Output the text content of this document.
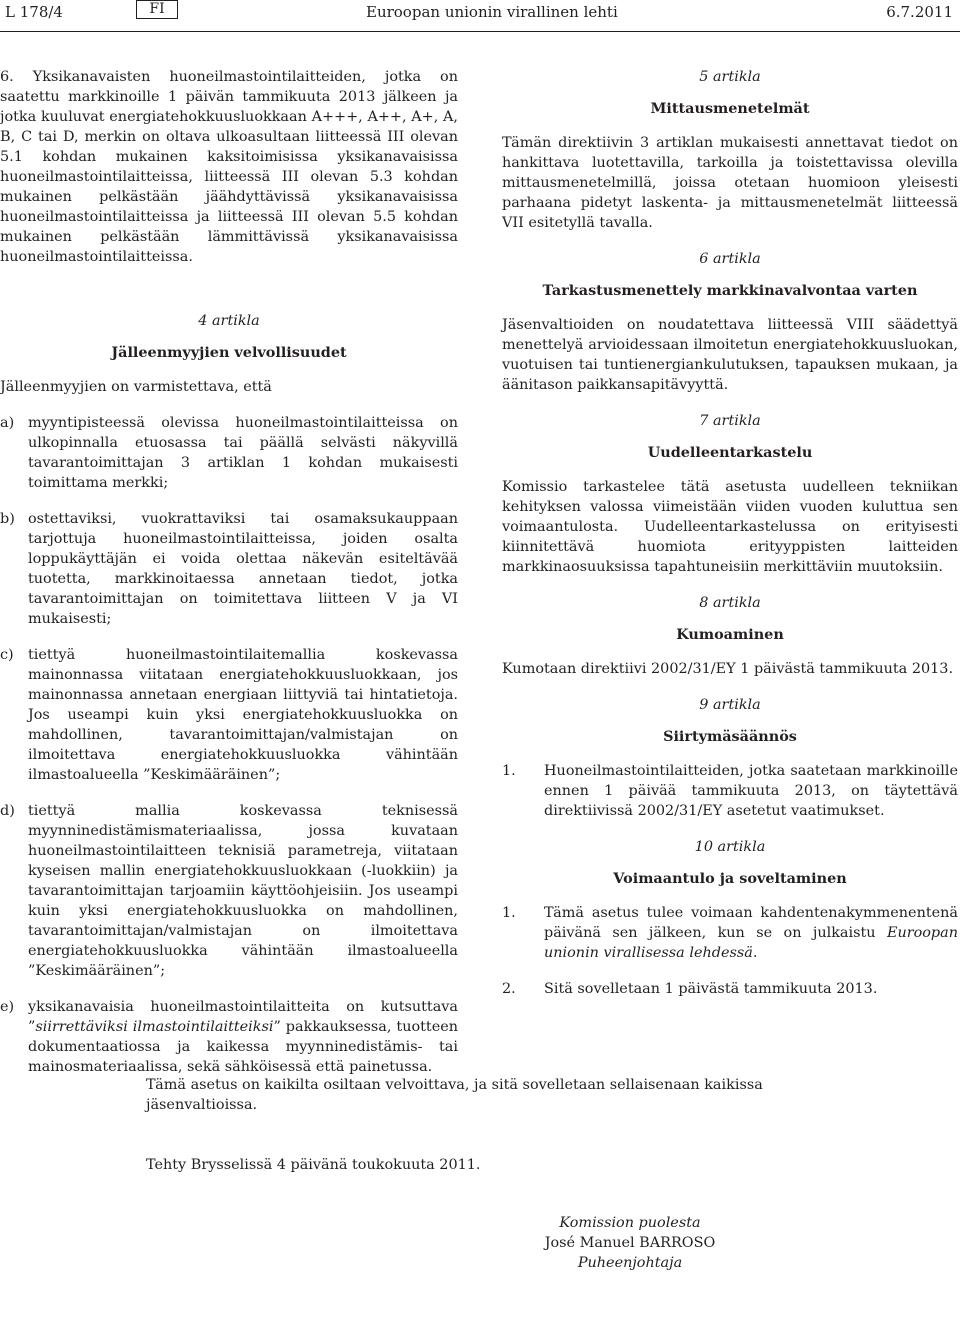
L 178/4	FI	Euroopan unionin virallinen lehti	6.7.2011

6. Yksikanavaisten huoneilmastointilaitteiden, jotka on saatettu markkinoille 1 päivän tammikuuta 2013 jälkeen ja jotka kuuluvat energiatehokkuusluokkaan A+++, A++, A+, A, B, C tai D, merkin on oltava ulkoasultaan liitteessä III olevan 5.1 kohdan mukainen kaksitoimisissa yksikanavaisissa huoneilmastointilaitteissa, liitteessä III olevan 5.3 kohdan mukainen pelkästään jäähdyttävissä yksikanavaisissa huoneilmastointilaitteissa ja liitteessä III olevan 5.5 kohdan mukainen pelkästään lämmittävissä yksikanavaisissa huoneilmastointilaitteissa.

4 artikla

Jälleenmyyjien velvollisuudet

Jälleenmyyjien on varmistettava, että

a) myyntipisteessä olevissa huoneilmastointilaitteissa on ulkopinnalla etuosassa tai päällä selvästi näkyvillä tavarantoimittajan 3 artiklan 1 kohdan mukaisesti toimittama merkki;
b) ostettaviksi, vuokrattaviksi tai osamaksukauppaan tarjottuja huoneilmastointilaitteissa, joiden osalta loppukäyttäjän ei voida olettaa näkevän esiteltävää tuotetta, markkinoitaessa annetaan tiedot, jotka tavarantoimittajan on toimitettava liitteen V ja VI mukaisesti;
c) tiettyä huoneilmastointilaitemallia koskevassa mainonnassa viitataan energiatehokkuusluokkaan, jos mainonnassa annetaan energiaan liittyviä tai hintatietoja. Jos useampi kuin yksi energiatehokkuusluokka on mahdollinen, tavarantoimittajan/valmistajan on ilmoitettava energiatehokkuusluokka vähintään ilmastoalueella ”Keskimääräinen”;
d) tiettyä mallia koskevassa teknisessä myynninedistämismateriaalissa, jossa kuvataan huoneilmastointilaitteen teknisiä parametreja, viitataan kyseisen mallin energiatehokkuusluokkaan (-luokkiin) ja tavarantoimittajan tarjoamiin käyttöohjeisiin. Jos useampi kuin yksi energiatehokkuusluokka on mahdollinen, tavarantoimittajan/valmistajan on ilmoitettava energiatehokkuusluokka vähintään ilmastoalueella ”Keskimääräinen”;
e) yksikanavaisia huoneilmastointilaitteita on kutsuttava ”siirrettäviksi ilmastointilaitteiksi” pakkauksessa, tuotteen dokumentaatiossa ja kaikessa myynninedistämis- tai mainosmateriaalissa, sekä sähköisessä että painetussa.

5 artikla

Mittausmenetelmät

Tämän direktiivin 3 artiklan mukaisesti annettavat tiedot on hankittava luotettavilla, tarkoilla ja toistettavissa olevilla mittausmenetelmillä, joissa otetaan huomioon yleisesti parhaana pidetyt laskenta- ja mittausmenetelmät liitteessä VII esitetyllä tavalla.

6 artikla

Tarkastusmenettely markkinavalvontaa varten

Jäsenvaltioiden on noudatettava liitteessä VIII säädettyä menettelyä arvioidessaan ilmoitetun energiatehokkuusluokan, vuotuisen tai tuntienergiankulutuksen, tapauksen mukaan, ja äänitason paikkansapitävyyttä.

7 artikla

Uudelleentarkastelu

Komissio tarkastelee tätä asetusta uudelleen tekniikan kehityksen valossa viimeistään viiden vuoden kuluttua sen voimaantulosta. Uudelleentarkastelussa on erityisesti kiinnitettävä huomiota erityyppisten laitteiden markkinaosuuksissa tapahtuneisiin merkittäviin muutoksiin.

8 artikla

Kumoaminen

Kumotaan direktiivi 2002/31/EY 1 päivästä tammikuuta 2013.

9 artikla

Siirtymäsäännös

1.	Huoneilmastointilaitteiden, jotka saatetaan markkinoille ennen 1 päivää tammikuuta 2013, on täytettävä direktiivissä 2002/31/EY asetetut vaatimukset.

10 artikla

Voimaantulo ja soveltaminen

1.	Tämä asetus tulee voimaan kahdentenakymmenentenä päivänä sen jälkeen, kun se on julkaistu Euroopan unionin virallisessa lehdessä.
2.	Sitä sovelletaan 1 päivästä tammikuuta 2013.

Tämä asetus on kaikilta osiltaan velvoittava, ja sitä sovelletaan sellaisenaan kaikissa jäsenvaltioissa.

Tehty Brysselissä 4 päivänä toukokuuta 2011.

Komission puolesta
José Manuel BARROSO
Puheenjohtaja
